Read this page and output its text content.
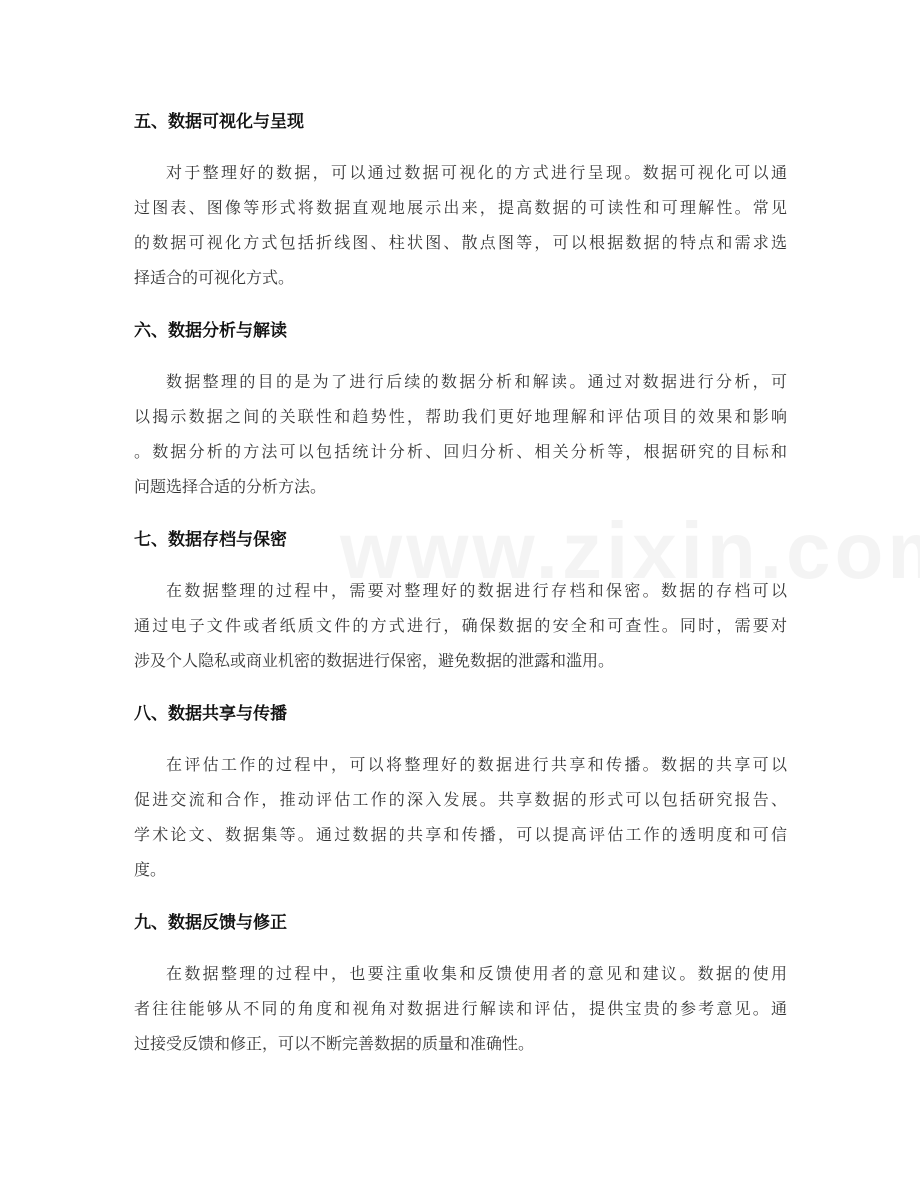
五、数据可视化与呈现
对于整理好的数据，可以通过数据可视化的方式进行呈现。数据可视化可以通
过图表、图像等形式将数据直观地展示出来，提高数据的可读性和可理解性。常见
的数据可视化方式包括折线图、柱状图、散点图等，可以根据数据的特点和需求选
择适合的可视化方式。
六、数据分析与解读
数据整理的目的是为了进行后续的数据分析和解读。通过对数据进行分析，可
以揭示数据之间的关联性和趋势性，帮助我们更好地理解和评估项目的效果和影响
。数据分析的方法可以包括统计分析、回归分析、相关分析等，根据研究的目标和
问题选择合适的分析方法。
七、数据存档与保密
在数据整理的过程中，需要对整理好的数据进行存档和保密。数据的存档可以
通过电子文件或者纸质文件的方式进行，确保数据的安全和可查性。同时，需要对
涉及个人隐私或商业机密的数据进行保密，避免数据的泄露和滥用。
八、数据共享与传播
在评估工作的过程中，可以将整理好的数据进行共享和传播。数据的共享可以
促进交流和合作，推动评估工作的深入发展。共享数据的形式可以包括研究报告、
学术论文、数据集等。通过数据的共享和传播，可以提高评估工作的透明度和可信
度。
九、数据反馈与修正
在数据整理的过程中，也要注重收集和反馈使用者的意见和建议。数据的使用
者往往能够从不同的角度和视角对数据进行解读和评估，提供宝贵的参考意见。通
过接受反馈和修正，可以不断完善数据的质量和准确性。
